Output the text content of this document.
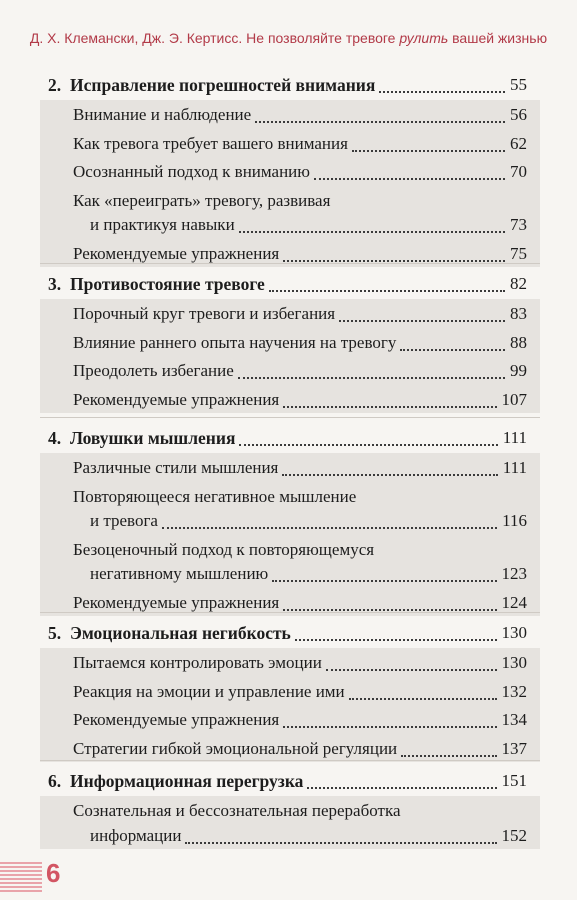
Д. Х. Клемански, Дж. Э. Кертисс. Не позволяйте тревоге рулить вашей жизнью
2. Исправление погрешностей внимания	55
Внимание и наблюдение	56
Как тревога требует вашего внимания	62
Осознанный подход к вниманию	70
Как «переиграть» тревогу, развивая
и практикуя навыки	73
Рекомендуемые упражнения	75
3. Противостояние тревоге	82
Порочный круг тревоги и избегания	83
Влияние раннего опыта научения на тревогу	88
Преодолеть избегание	99
Рекомендуемые упражнения	107
4. Ловушки мышления	111
Различные стили мышления	111
Повторяющееся негативное мышление
и тревога	116
Безоценочный подход к повторяющемуся
негативному мышлению	123
Рекомендуемые упражнения	124
5. Эмоциональная негибкость	130
Пытаемся контролировать эмоции	130
Реакция на эмоции и управление ими	132
Рекомендуемые упражнения	134
Стратегии гибкой эмоциональной регуляции	137
6. Информационная перегрузка	151
Сознательная и бессознательная переработка
информации	152
6
